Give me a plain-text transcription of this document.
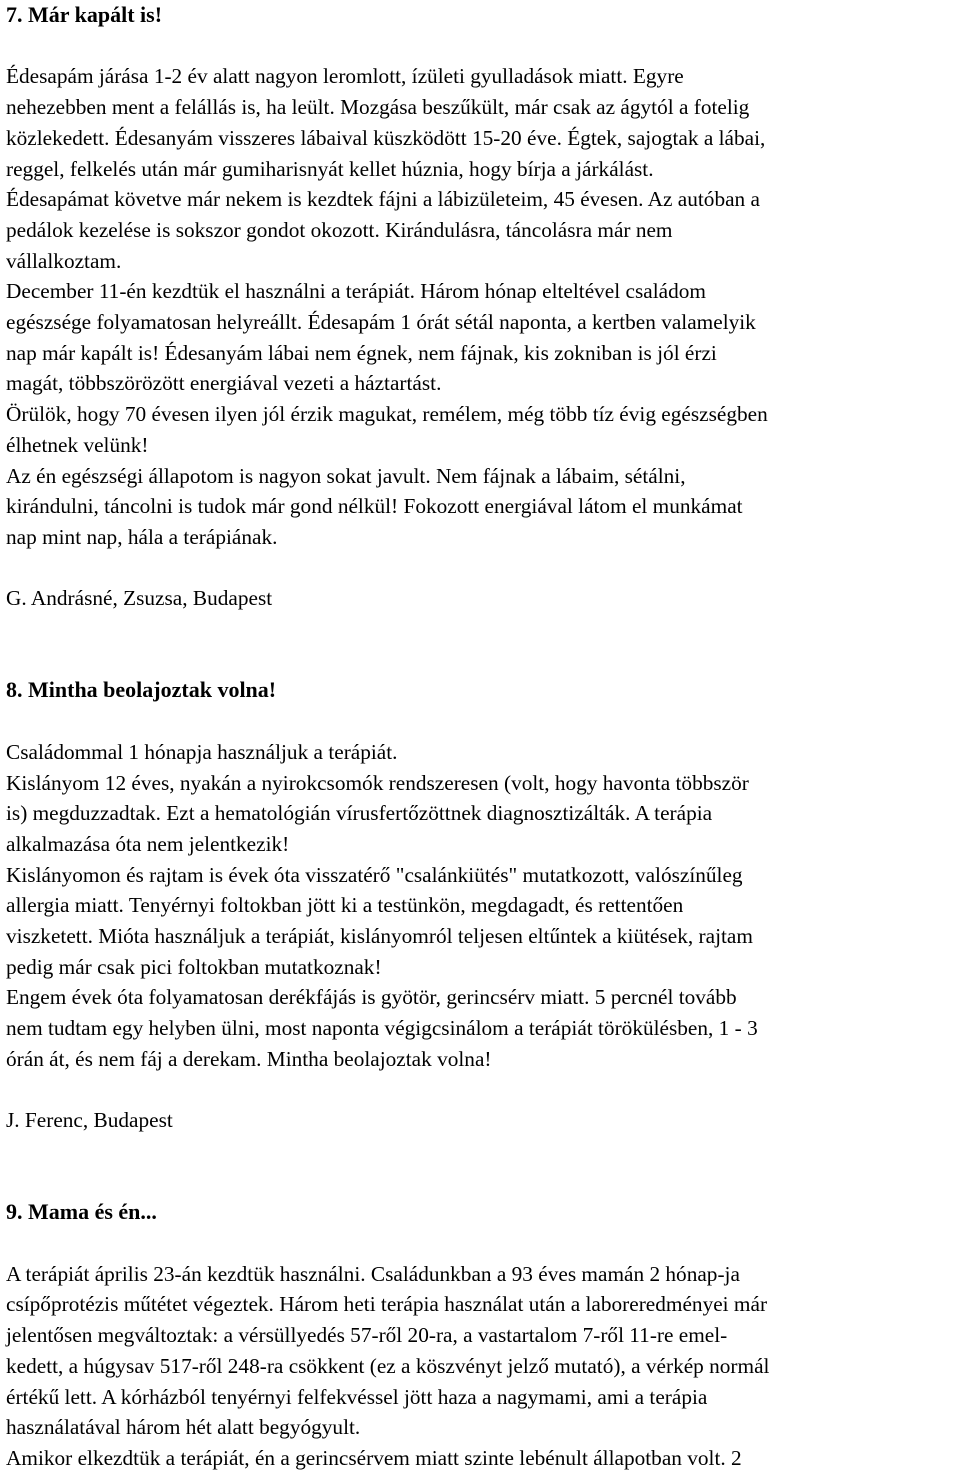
7. Már kapált is!
Édesapám járása 1-2 év alatt nagyon leromlott, ízületi gyulladások miatt. Egyre
nehezebben ment a felállás is, ha leült. Mozgása beszűkült, már csak az ágytól a fotelig
közlekedett. Édesanyám visszeres lábaival küszködött 15-20 éve. Égtek, sajogtak a lábai,
reggel, felkelés után már gumiharisnyát kellet húznia, hogy bírja a járkálást.
Édesapámat követve már nekem is kezdtek fájni a lábizületeim, 45 évesen. Az autóban a
pedálok kezelése is sokszor gondot okozott. Kirándulásra, táncolásra már nem
vállalkoztam.
December 11-én kezdtük el használni a terápiát. Három hónap elteltével családom
egészsége folyamatosan helyreállt. Édesapám 1 órát sétál naponta, a kertben valamelyik
nap már kapált is! Édesanyám lábai nem égnek, nem fájnak, kis zokniban is jól érzi
magát, többszörözött energiával vezeti a háztartást.
Örülök, hogy 70 évesen ilyen jól érzik magukat, remélem, még több tíz évig egészségben
élhetnek velünk!
Az én egészségi állapotom is nagyon sokat javult. Nem fájnak a lábaim, sétálni,
kirándulni, táncolni is tudok már gond nélkül! Fokozott energiával látom el munkámat
nap mint nap, hála a terápiának.
G. Andrásné, Zsuzsa, Budapest
8. Mintha beolajoztak volna!
Családommal 1 hónapja használjuk a terápiát.
Kislányom 12 éves, nyakán a nyirokcsomók rendszeresen (volt, hogy havonta többször
is) megduzzadtak. Ezt a hematológián vírusfertőzöttnek diagnosztizálták. A terápia
alkalmazása óta nem jelentkezik!
Kislányomon és rajtam is évek óta visszatérő "csalánkiütés" mutatkozott, valószínűleg
allergia miatt. Tenyérnyi foltokban jött ki a testünkön, megdagadt, és rettentően
viszketett. Mióta használjuk a terápiát, kislányomról teljesen eltűntek a kiütések, rajtam
pedig már csak pici foltokban mutatkoznak!
Engem évek óta folyamatosan derékfájás is gyötör, gerincsérv miatt. 5 percnél tovább
nem tudtam egy helyben ülni, most naponta végigcsinálom a terápiát törökülésben, 1 - 3
órán át, és nem fáj a derekam. Mintha beolajoztak volna!
J. Ferenc, Budapest
9. Mama és én...
A terápiát április 23-án kezdtük használni. Családunkban a 93 éves mamán 2 hónap-ja
csípőprotézis műtétet végeztek. Három heti terápia használat után a laboreredményei már
jelentősen megváltoztak: a vérsüllyedés 57-ről 20-ra, a vastartalom 7-ről 11-re emel-
kedett, a húgysav 517-ről 248-ra csökkent (ez a köszvényt jelző mutató), a vérkép normál
értékű lett. A kórházból tenyérnyi felfekvéssel jött haza a nagymami, ami a terápia
használatával három hét alatt begyógyult.
Amikor elkezdtük a terápiát, én a gerincsérvem miatt szinte lebénult állapotban volt. 2
